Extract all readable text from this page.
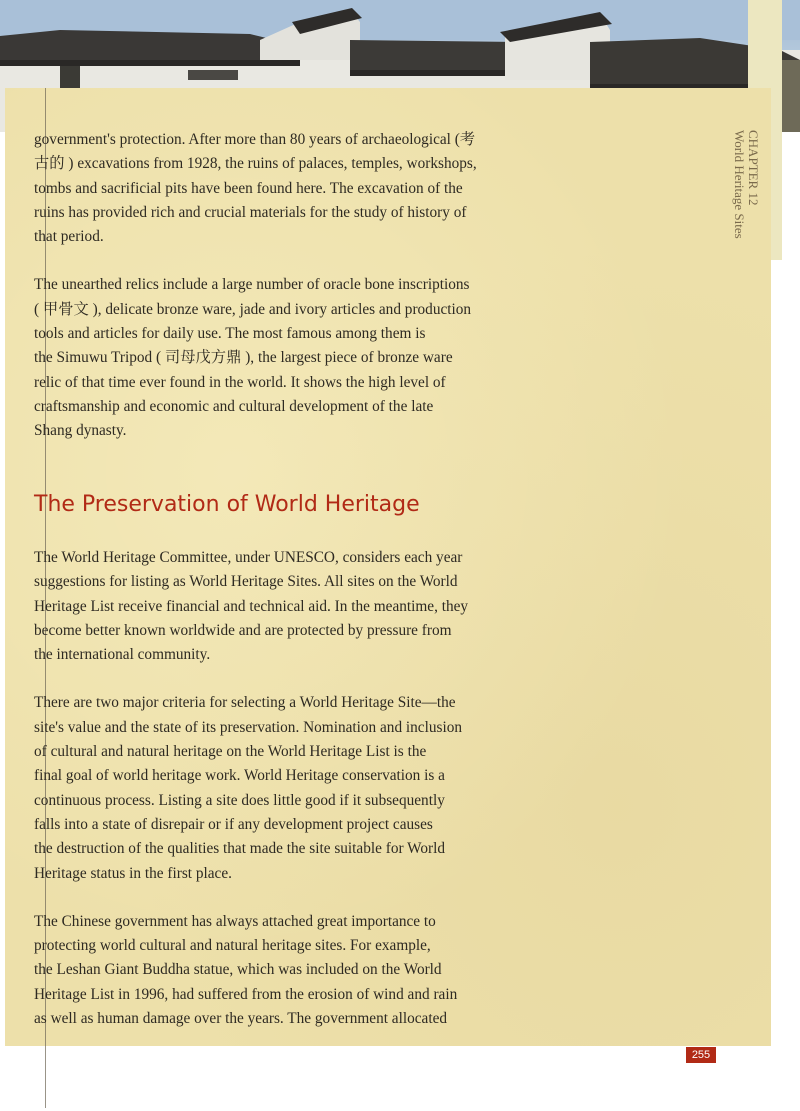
CHAPTER 12
World Heritage Sites

government's protection. After more than 80 years of archaeological (考

古的 ) excavations from 1928, the ruins of palaces, temples, workshops,

tombs and sacrificial pits have been found here. The excavation of the

ruins has provided rich and crucial materials for the study of history of

that period.

The unearthed relics include a large number of oracle bone inscriptions

( 甲骨文 ), delicate bronze ware, jade and ivory articles and production

tools and articles for daily use. The most famous among them is

the Simuwu Tripod ( 司母戊方鼎 ), the largest piece of bronze ware

relic of that time ever found in the world. It shows the high level of

craftsmanship and economic and cultural development of the late

Shang dynasty.

The Preservation of World Heritage

The World Heritage Committee, under UNESCO, considers each year

suggestions for listing as World Heritage Sites. All sites on the World

Heritage List receive financial and technical aid. In the meantime, they

become better known worldwide and are protected by pressure from

the international community.

There are two major criteria for selecting a World Heritage Site—the

site's value and the state of its preservation. Nomination and inclusion

of cultural and natural heritage on the World Heritage List is the

final goal of world heritage work. World Heritage conservation is a

continuous process. Listing a site does little good if it subsequently

falls into a state of disrepair or if any development project causes

the destruction of the qualities that made the site suitable for World

Heritage status in the first place.

The Chinese government has always attached great importance to

protecting world cultural and natural heritage sites. For example,

the Leshan Giant Buddha statue, which was included on the World

Heritage List in 1996, had suffered from the erosion of wind and rain

as well as human damage over the years. The government allocated

255
